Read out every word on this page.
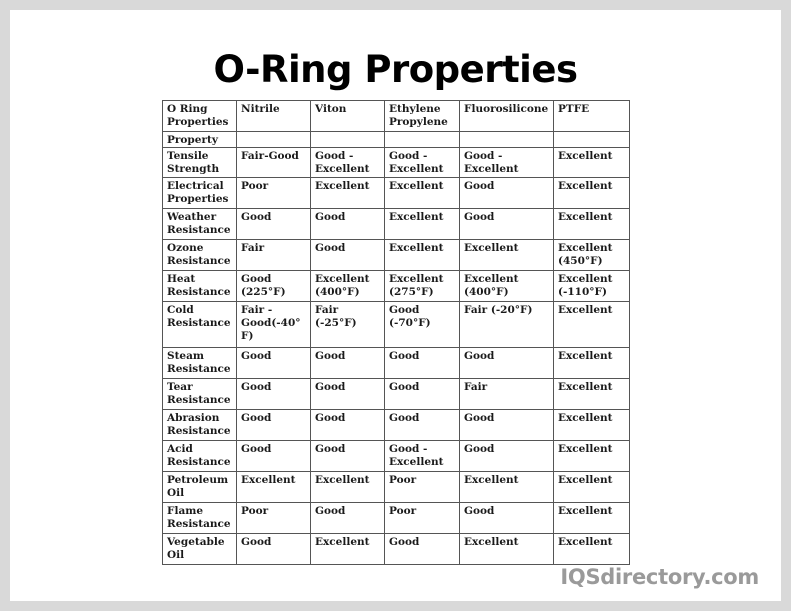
O-Ring Properties
O Ring Properties	Nitrile	Viton	Ethylene Propylene	Fluorosilicone	PTFE
Property					
Tensile Strength	Fair-Good	Good - Excellent	Good - Excellent	Good -Excellent	Excellent
Electrical Properties	Poor	Excellent	Excellent	Good	Excellent
Weather Resistance	Good	Good	Excellent	Good	Excellent
Ozone Resistance	Fair	Good	Excellent	Excellent	Excellent (450°F)
Heat Resistance	Good (225°F)	Excellent (400°F)	Excellent (275°F)	Excellent (400°F)	Excellent (-110°F)
Cold Resistance	Fair -Good(-40°F)	Fair (-25°F)	Good (-70°F)	Fair (-20°F)	Excellent
Steam Resistance	Good	Good	Good	Good	Excellent
Tear Resistance	Good	Good	Good	Fair	Excellent
Abrasion Resistance	Good	Good	Good	Good	Excellent
Acid Resistance	Good	Good	Good - Excellent	Good	Excellent
Petroleum Oil	Excellent	Excellent	Poor	Excellent	Excellent
Flame Resistance	Poor	Good	Poor	Good	Excellent
Vegetable Oil	Good	Excellent	Good	Excellent	Excellent
IQSdirectory.com
